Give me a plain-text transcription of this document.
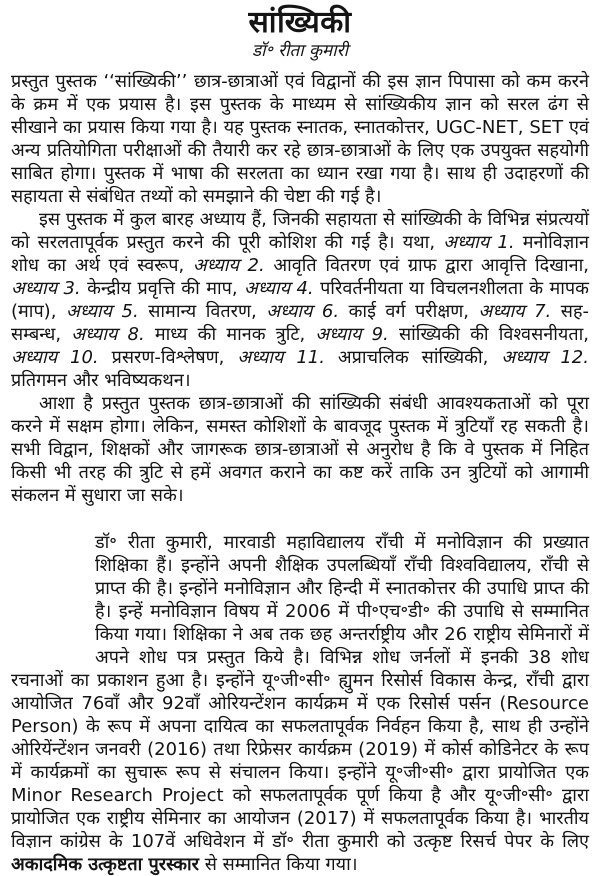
सांख्यिकी
डॉ॰ रीता कुमारी

प्रस्तुत पुस्तक ‘‘सांख्यिकी’’ छात्र-छात्राओं एवं विद्वानों की इस ज्ञान पिपासा को कम करने के क्रम में एक प्रयास है। इस पुस्तक के माध्यम से सांख्यिकीय ज्ञान को सरल ढंग से सीखाने का प्रयास किया गया है। यह पुस्तक स्नातक, स्नातकोत्तर, UGC-NET, SET एवं अन्य प्रतियोगिता परीक्षाओं की तैयारी कर रहे छात्र-छात्राओं के लिए एक उपयुक्त सहयोगी साबित होगा। पुस्तक में भाषा की सरलता का ध्यान रखा गया है। साथ ही उदाहरणों की सहायता से संबंधित तथ्यों को समझाने की चेष्टा की गई है।

इस पुस्तक में कुल बारह अध्याय हैं, जिनकी सहायता से सांख्यिकी के विभिन्न संप्रत्ययों को सरलतापूर्वक प्रस्तुत करने की पूरी कोशिश की गई है। यथा, अध्याय 1. मनोविज्ञान शोध का अर्थ एवं स्वरूप, अध्याय 2. आवृति वितरण एवं ग्राफ द्वारा आवृत्ति दिखाना, अध्याय 3. केन्द्रीय प्रवृत्ति की माप, अध्याय 4. परिवर्तनीयता या विचलनशीलता के मापक (माप), अध्याय 5. सामान्य वितरण, अध्याय 6. काई वर्ग परीक्षण, अध्याय 7. सह-सम्बन्ध, अध्याय 8. माध्य की मानक त्रुटि, अध्याय 9. सांख्यिकी की विश्वसनीयता, अध्याय 10. प्रसरण-विश्लेषण, अध्याय 11. अप्राचलिक सांख्यिकी, अध्याय 12. प्रतिगमन और भविष्यकथन।

आशा है प्रस्तुत पुस्तक छात्र-छात्राओं की सांख्यिकी संबंधी आवश्यकताओं को पूरा करने में सक्षम होगा। लेकिन, समस्त कोशिशों के बावजूद पुस्तक में त्रुटियाँ रह सकती है। सभी विद्वान, शिक्षकों और जागरूक छात्र-छात्राओं से अनुरोध है कि वे पुस्तक में निहित किसी भी तरह की त्रुटि से हमें अवगत कराने का कष्ट करें ताकि उन त्रुटियों को आगामी संकलन में सुधारा जा सके।

डॉ॰ रीता कुमारी, मारवाडी महाविद्यालय राँची में मनोविज्ञान की प्रख्यात शिक्षिका हैं। इन्होंने अपनी शैक्षिक उपलब्धियाँ राँची विश्वविद्यालय, राँची से प्राप्त की है। इन्होंने मनोविज्ञान और हिन्दी में स्नातकोत्तर की उपाधि प्राप्त की है। इन्हें मनोविज्ञान विषय में 2006 में पी॰एच॰डी॰ की उपाधि से सम्मानित किया गया। शिक्षिका ने अब तक छह अन्तर्राष्ट्रीय और 26 राष्ट्रीय सेमिनारों में अपने शोध पत्र प्रस्तुत किये है। विभिन्न शोध जर्नलों में इनकी 38 शोध रचनाओं का प्रकाशन हुआ है। इन्होंने यू॰जी॰सी॰ ह्युमन रिसोर्स विकास केन्द्र, राँची द्वारा आयोजित 76वाँ और 92वाँ ओरियन्टेंशन कार्यक्रम में एक रिसोर्स पर्सन (Resource Person) के रूप में अपना दायित्व का सफलतापूर्वक निर्वहन किया है, साथ ही उन्होंने ओरियेंन्टेंशन जनवरी (2016) तथा रिफ्रेसर कार्यक्रम (2019) में कोर्स कोडिनेटर के रूप में कार्यक्रमों का सुचारू रूप से संचालन किया। इन्होंने यू॰जी॰सी॰ द्वारा प्रायोजित एक Minor Research Project को सफलतापूर्वक पूर्ण किया है और यू॰जी॰सी॰ द्वारा प्रायोजित एक राष्ट्रीय सेमिनार का आयोजन (2017) में सफलतापूर्वक किया है। भारतीय विज्ञान कांग्रेस के 107वें अधिवेशन में डॉ॰ रीता कुमारी को उत्कृष्ट रिसर्च पेपर के लिए अकादमिक उत्कृष्टता पुरस्कार से सम्मानित किया गया।
